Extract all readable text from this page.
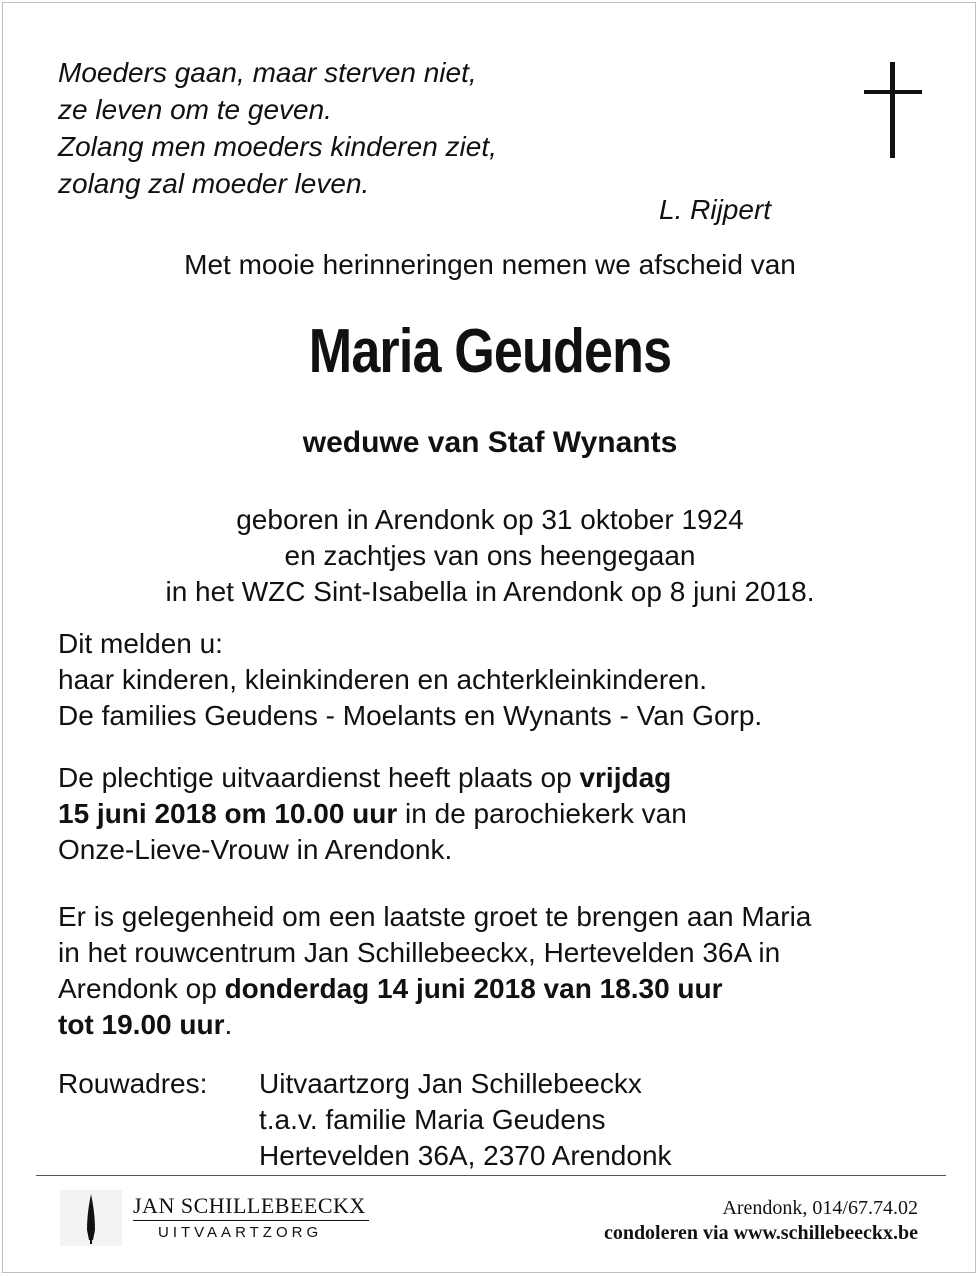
Moeders gaan, maar sterven niet,
ze leven om te geven.
Zolang men moeders kinderen ziet,
zolang zal moeder leven.
L. Rijpert
Met mooie herinneringen nemen we afscheid van
Maria Geudens
weduwe van Staf Wynants
geboren in Arendonk op 31 oktober 1924
en zachtjes van ons heengegaan
in het WZC Sint-Isabella in Arendonk op 8 juni 2018.
Dit melden u:
haar kinderen, kleinkinderen en achterkleinkinderen.
De families Geudens - Moelants en Wynants - Van Gorp.
De plechtige uitvaardienst heeft plaats op vrijdag
15 juni 2018 om 10.00 uur in de parochiekerk van
Onze-Lieve-Vrouw in Arendonk.
Er is gelegenheid om een laatste groet te brengen aan Maria
in het rouwcentrum Jan Schillebeeckx, Hertevelden 36A in
Arendonk op donderdag 14 juni 2018 van 18.30 uur
tot 19.00 uur.
Rouwadres: Uitvaartzorg Jan Schillebeeckx
t.a.v. familie Maria Geudens
Hertevelden 36A, 2370 Arendonk
JAN SCHILLEBEECKX
UITVAARTZORG
Arendonk, 014/67.74.02
condoleren via www.schillebeeckx.be
